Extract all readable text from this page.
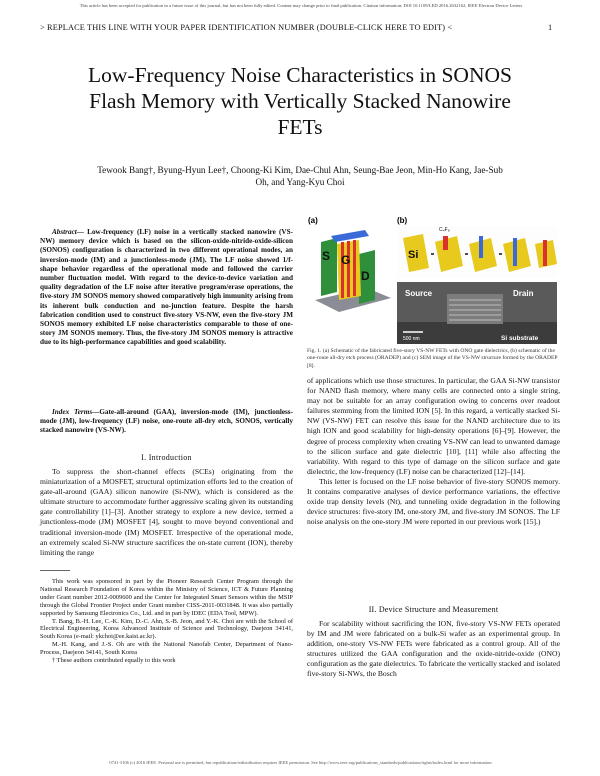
This article has been accepted for publication in a future issue of this journal, but has not been fully edited. Content may change prior to final publication. Citation information: DOI 10.1109/LED.2016.2632162, IEEE Electron Device Letters
> REPLACE THIS LINE WITH YOUR PAPER IDENTIFICATION NUMBER (DOUBLE-CLICK HERE TO EDIT) <	1
Low-Frequency Noise Characteristics in SONOS Flash Memory with Vertically Stacked Nanowire FETs
Tewook Bang†, Byung-Hyun Lee†, Choong-Ki Kim, Dae-Chul Ahn, Seung-Bae Jeon, Min-Ho Kang, Jae-Sub Oh, and Yang-Kyu Choi
Abstract— Low-frequency (LF) noise in a vertically stacked nanowire (VS-NW) memory device which is based on the silicon-oxide-nitride-oxide-silicon (SONOS) configuration is characterized in two different operational modes, an inversion-mode (IM) and a junctionless-mode (JM). The LF noise showed 1/f-shape behavior regardless of the operational mode and followed the carrier number fluctuation model. With regard to the device-to-device variation and quality degradation of the LF noise after iterative program/erase operations, the five-story JM SONOS memory showed comparatively high immunity arising from its inherent bulk conduction and no-junction feature. Despite the harsh fabrication condition used to construct five-story VS-NW, even the five-story JM SONOS memory exhibited LF noise characteristics comparable to those of one-story JM SONOS memory. Thus, the five-story JM SONOS memory is attractive due to its high-performance capabilities and good scalability.
Index Terms—Gate-all-around (GAA), inversion-mode (IM), junctionless-mode (JM), low-frequency (LF) noise, one-route all-dry etch, SONOS, vertically stacked nanowire (VS-NW).
I. Introduction

To suppress the short-channel effects (SCEs) originating from the miniaturization of a MOSFET, structural optimization efforts led to the creation of gate-all-around (GAA) silicon nanowire (Si-NW), which is considered as the ultimate structure to accommodate further aggressive scaling given its outstanding gate controllability [1]–[3]. Another strategy to explore a new device, termed a junctionless-mode (JM) MOSFET [4], sought to move beyond conventional and traditional inversion-mode (IM) MOSFET. Irrespective of the operational mode, an extremely scaled Si-NW structure sacrifices the on-state current (ION), thereby limiting the range

This work was sponsored in part by the Pioneer Research Center Program through the National Research Foundation of Korea within the Ministry of Science, ICT & Future Planning under Grant number 2012-0009600 and the Center for Integrated Smart Sensors within the MSIP through the Global Frontier Project under Grant number CISS-2011-0031848. It was also partially supported by Samsung Electronics Co., Ltd. and in part by IDEC (EDA Tool, MPW).

T. Bang, B.-H. Lee, C.-K. Kim, D.-C. Ahn, S.-B. Jeon, and Y.-K. Choi are with the School of Electrical Engineering, Korea Advanced Institute of Science and Technology, Daejeon 34141, South Korea (e-mail: ykchoi@ee.kaist.ac.kr).

M.-H. Kang, and J.-S. Oh are with the National Nanofab Center, Department of Nano-Process, Daejeon 34141, South Korea

† These authors contributed equally to this work

(a)
S G
D
(b)
Si
C₄F₈
Source	Drain
500 nm	Si substrate
Fig. 1. (a) Schematic of the fabricated five-story VS-NW FETs with ONO gate dielectrics, (b) schematic of the one-route all-dry etch process (ORADEP) and (c) SEM image of the VS-NW structure formed by the ORADEP [8].

of applications which use those structures. In particular, the GAA Si-NW transistor for NAND flash memory, where many cells are connected onto a single string, may not be suitable for an array configuration owing to concerns over readout failures stemming from the limited ION [5]. In this regard, a vertically stacked Si-NW (VS-NW) FET can resolve this issue for the NAND architecture due to its high ION and good scalability for high-density operations [6]–[9]. However, the degree of process complexity when creating VS-NW can lead to unwanted damage to the silicon surface and gate dielectric [10], [11] while also affecting the variability. With regard to this type of damage on the silicon surface and gate dielectric, the low-frequency (LF) noise can be characterized [12]–[14].

This letter is focused on the LF noise behavior of five-story SONOS memory. It contains comparative analyses of device performance variations, the effective oxide trap density levels (Nt), and tunneling oxide degradation in the following device structures: five-story IM, one-story JM, and five-story JM SONOS. The LF noise analysis on the one-story JM were reported in our previous work [15].)

II. Device Structure and Measurement

For scalability without sacrificing the ION, five-story VS-NW FETs operated by IM and JM were fabricated on a bulk-Si wafer as an experimental group. In addition, one-story VS-NW FETs were fabricated as a control group. All of the structures utilized the GAA configuration and the oxide-nitride-oxide (ONO) configuration as the gate dielectrics. To fabricate the vertically stacked and isolated five-story Si-NWs, the Bosch

0741-3106 (c) 2016 IEEE. Personal use is permitted, but republication/redistribution requires IEEE permission. See http://www.ieee.org/publications_standards/publications/rights/index.html for more information.
